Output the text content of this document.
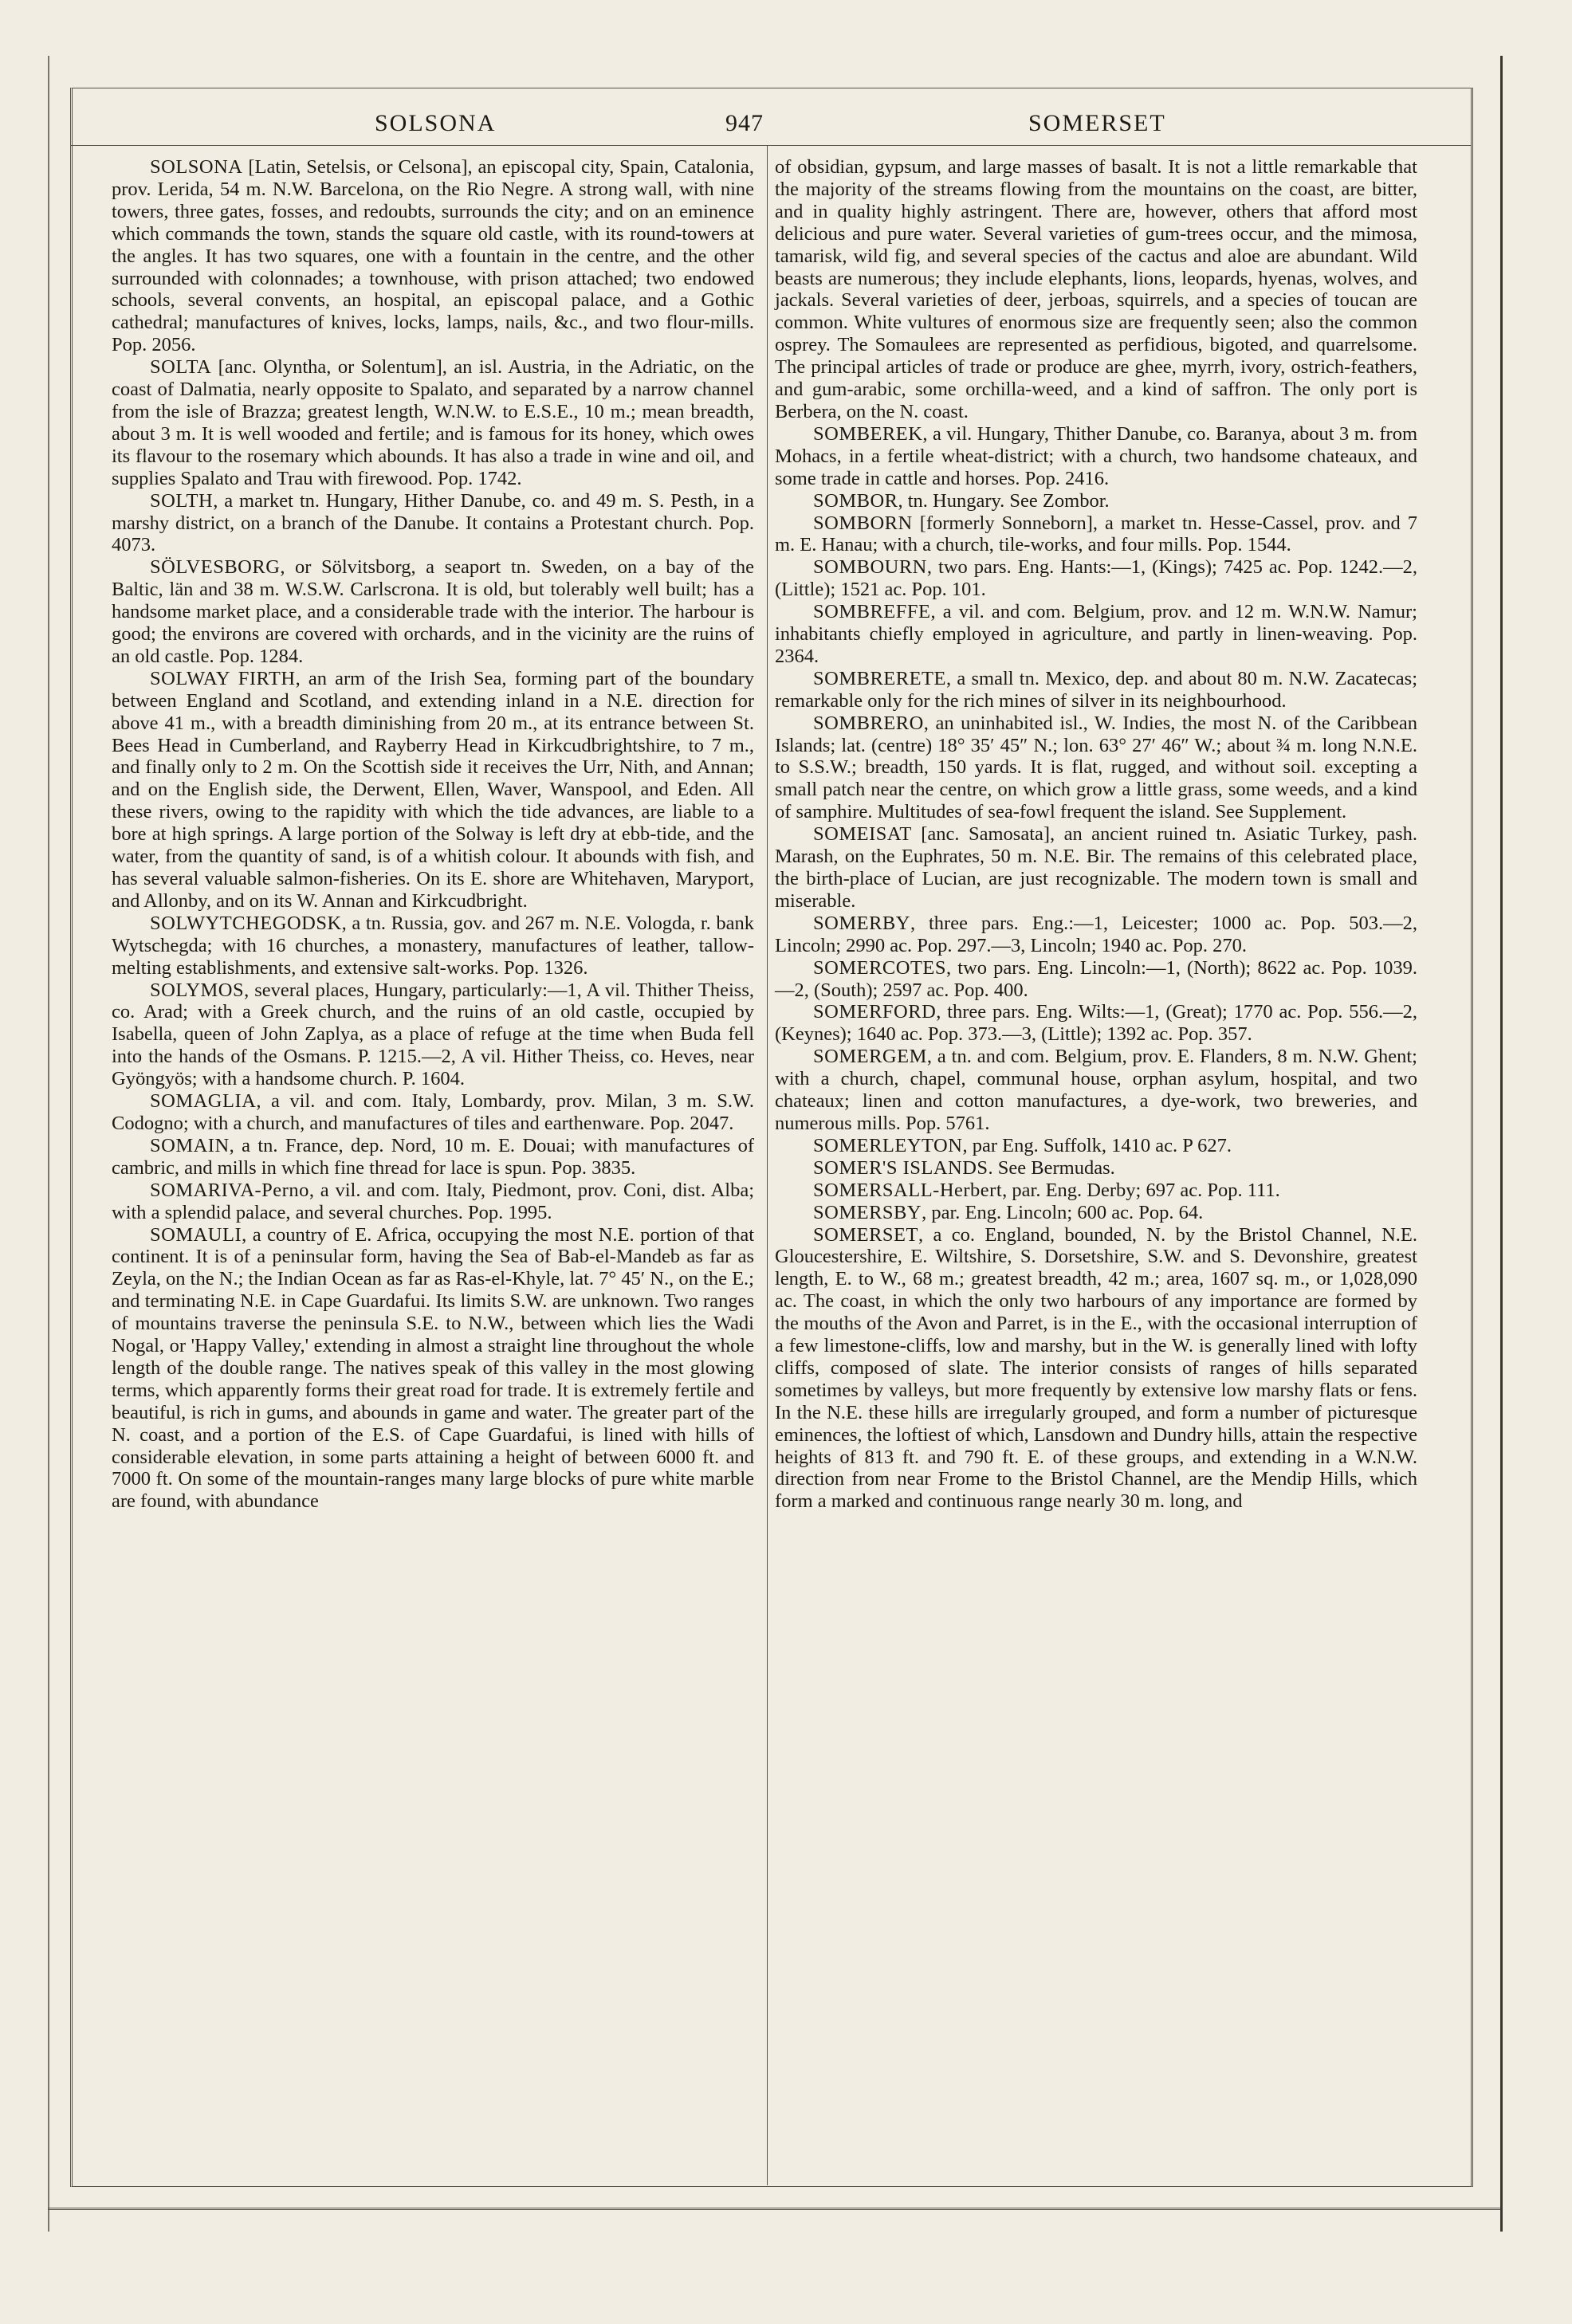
SOLSONA	947	SOMERSET

SOLSONA [Latin, Setelsis, or Celsona], an episcopal city, Spain, Catalonia, prov. Lerida, 54 m. N.W. Barcelona, on the Rio Negre. A strong wall, with nine towers, three gates, fosses, and redoubts, surrounds the city; and on an eminence which commands the town, stands the square old castle, with its round-towers at the angles. It has two squares, one with a fountain in the centre, and the other surrounded with colonnades; a townhouse, with prison attached; two endowed schools, several convents, an hospital, an episcopal palace, and a Gothic cathedral; manufactures of knives, locks, lamps, nails, &c., and two flour-mills. Pop. 2056.

SOLTA [anc. Olyntha, or Solentum], an isl. Austria, in the Adriatic, on the coast of Dalmatia, nearly opposite to Spalato, and separated by a narrow channel from the isle of Brazza; greatest length, W.N.W. to E.S.E., 10 m.; mean breadth, about 3 m. It is well wooded and fertile; and is famous for its honey, which owes its flavour to the rosemary which abounds. It has also a trade in wine and oil, and supplies Spalato and Trau with firewood. Pop. 1742.

SOLTH, a market tn. Hungary, Hither Danube, co. and 49 m. S. Pesth, in a marshy district, on a branch of the Danube. It contains a Protestant church. Pop. 4073.

SÖLVESBORG, or Sölvitsborg, a seaport tn. Sweden, on a bay of the Baltic, län and 38 m. W.S.W. Carlscrona. It is old, but tolerably well built; has a handsome market place, and a considerable trade with the interior. The harbour is good; the environs are covered with orchards, and in the vicinity are the ruins of an old castle. Pop. 1284.

SOLWAY FIRTH, an arm of the Irish Sea, forming part of the boundary between England and Scotland, and extending inland in a N.E. direction for above 41 m., with a breadth diminishing from 20 m., at its entrance between St. Bees Head in Cumberland, and Rayberry Head in Kirkcudbrightshire, to 7 m., and finally only to 2 m. On the Scottish side it receives the Urr, Nith, and Annan; and on the English side, the Derwent, Ellen, Waver, Wanspool, and Eden. All these rivers, owing to the rapidity with which the tide advances, are liable to a bore at high springs. A large portion of the Solway is left dry at ebb-tide, and the water, from the quantity of sand, is of a whitish colour. It abounds with fish, and has several valuable salmon-fisheries. On its E. shore are Whitehaven, Maryport, and Allonby, and on its W. Annan and Kirkcudbright.

SOLWYTCHEGODSK, a tn. Russia, gov. and 267 m. N.E. Vologda, r. bank Wytschegda; with 16 churches, a monastery, manufactures of leather, tallow-melting establishments, and extensive salt-works. Pop. 1326.

SOLYMOS, several places, Hungary, particularly:—1, A vil. Thither Theiss, co. Arad; with a Greek church, and the ruins of an old castle, occupied by Isabella, queen of John Zaplya, as a place of refuge at the time when Buda fell into the hands of the Osmans. P. 1215.—2, A vil. Hither Theiss, co. Heves, near Gyöngyös; with a handsome church. P. 1604.

SOMAGLIA, a vil. and com. Italy, Lombardy, prov. Milan, 3 m. S.W. Codogno; with a church, and manufactures of tiles and earthenware. Pop. 2047.

SOMAIN, a tn. France, dep. Nord, 10 m. E. Douai; with manufactures of cambric, and mills in which fine thread for lace is spun. Pop. 3835.

SOMARIVA-Perno, a vil. and com. Italy, Piedmont, prov. Coni, dist. Alba; with a splendid palace, and several churches. Pop. 1995.

SOMAULI, a country of E. Africa, occupying the most N.E. portion of that continent. It is of a peninsular form, having the Sea of Bab-el-Mandeb as far as Zeyla, on the N.; the Indian Ocean as far as Ras-el-Khyle, lat. 7° 45′ N., on the E.; and terminating N.E. in Cape Guardafui. Its limits S.W. are unknown. Two ranges of mountains traverse the peninsula S.E. to N.W., between which lies the Wadi Nogal, or 'Happy Valley,' extending in almost a straight line throughout the whole length of the double range. The natives speak of this valley in the most glowing terms, which apparently forms their great road for trade. It is extremely fertile and beautiful, is rich in gums, and abounds in game and water. The greater part of the N. coast, and a portion of the E.S. of Cape Guardafui, is lined with hills of considerable elevation, in some parts attaining a height of between 6000 ft. and 7000 ft. On some of the mountain-ranges many large blocks of pure white marble are found, with abundance

of obsidian, gypsum, and large masses of basalt. It is not a little remarkable that the majority of the streams flowing from the mountains on the coast, are bitter, and in quality highly astringent. There are, however, others that afford most delicious and pure water. Several varieties of gum-trees occur, and the mimosa, tamarisk, wild fig, and several species of the cactus and aloe are abundant. Wild beasts are numerous; they include elephants, lions, leopards, hyenas, wolves, and jackals. Several varieties of deer, jerboas, squirrels, and a species of toucan are common. White vultures of enormous size are frequently seen; also the common osprey. The Somaulees are represented as perfidious, bigoted, and quarrelsome. The principal articles of trade or produce are ghee, myrrh, ivory, ostrich-feathers, and gum-arabic, some orchilla-weed, and a kind of saffron. The only port is Berbera, on the N. coast.

SOMBEREK, a vil. Hungary, Thither Danube, co. Baranya, about 3 m. from Mohacs, in a fertile wheat-district; with a church, two handsome chateaux, and some trade in cattle and horses. Pop. 2416.

SOMBOR, tn. Hungary. See Zombor.

SOMBORN [formerly Sonneborn], a market tn. Hesse-Cassel, prov. and 7 m. E. Hanau; with a church, tile-works, and four mills. Pop. 1544.

SOMBOURN, two pars. Eng. Hants:—1, (Kings); 7425 ac. Pop. 1242.—2, (Little); 1521 ac. Pop. 101.

SOMBREFFE, a vil. and com. Belgium, prov. and 12 m. W.N.W. Namur; inhabitants chiefly employed in agriculture, and partly in linen-weaving. Pop. 2364.

SOMBRERETE, a small tn. Mexico, dep. and about 80 m. N.W. Zacatecas; remarkable only for the rich mines of silver in its neighbourhood.

SOMBRERO, an uninhabited isl., W. Indies, the most N. of the Caribbean Islands; lat. (centre) 18° 35′ 45″ N.; lon. 63° 27′ 46″ W.; about ¾ m. long N.N.E. to S.S.W.; breadth, 150 yards. It is flat, rugged, and without soil. excepting a small patch near the centre, on which grow a little grass, some weeds, and a kind of samphire. Multitudes of sea-fowl frequent the island. See Supplement.

SOMEISAT [anc. Samosata], an ancient ruined tn. Asiatic Turkey, pash. Marash, on the Euphrates, 50 m. N.E. Bir. The remains of this celebrated place, the birth-place of Lucian, are just recognizable. The modern town is small and miserable.

SOMERBY, three pars. Eng.:—1, Leicester; 1000 ac. Pop. 503.—2, Lincoln; 2990 ac. Pop. 297.—3, Lincoln; 1940 ac. Pop. 270.

SOMERCOTES, two pars. Eng. Lincoln:—1, (North); 8622 ac. Pop. 1039.—2, (South); 2597 ac. Pop. 400.

SOMERFORD, three pars. Eng. Wilts:—1, (Great); 1770 ac. Pop. 556.—2, (Keynes); 1640 ac. Pop. 373.—3, (Little); 1392 ac. Pop. 357.

SOMERGEM, a tn. and com. Belgium, prov. E. Flanders, 8 m. N.W. Ghent; with a church, chapel, communal house, orphan asylum, hospital, and two chateaux; linen and cotton manufactures, a dye-work, two breweries, and numerous mills. Pop. 5761.

SOMERLEYTON, par Eng. Suffolk, 1410 ac. P 627.

SOMER'S ISLANDS. See Bermudas.

SOMERSALL-Herbert, par. Eng. Derby; 697 ac. Pop. 111.

SOMERSBY, par. Eng. Lincoln; 600 ac. Pop. 64.

SOMERSET, a co. England, bounded, N. by the Bristol Channel, N.E. Gloucestershire, E. Wiltshire, S. Dorsetshire, S.W. and S. Devonshire, greatest length, E. to W., 68 m.; greatest breadth, 42 m.; area, 1607 sq. m., or 1,028,090 ac. The coast, in which the only two harbours of any importance are formed by the mouths of the Avon and Parret, is in the E., with the occasional interruption of a few limestone-cliffs, low and marshy, but in the W. is generally lined with lofty cliffs, composed of slate. The interior consists of ranges of hills separated sometimes by valleys, but more frequently by extensive low marshy flats or fens. In the N.E. these hills are irregularly grouped, and form a number of picturesque eminences, the loftiest of which, Lansdown and Dundry hills, attain the respective heights of 813 ft. and 790 ft. E. of these groups, and extending in a W.N.W. direction from near Frome to the Bristol Channel, are the Mendip Hills, which form a marked and continuous range nearly 30 m. long, and
